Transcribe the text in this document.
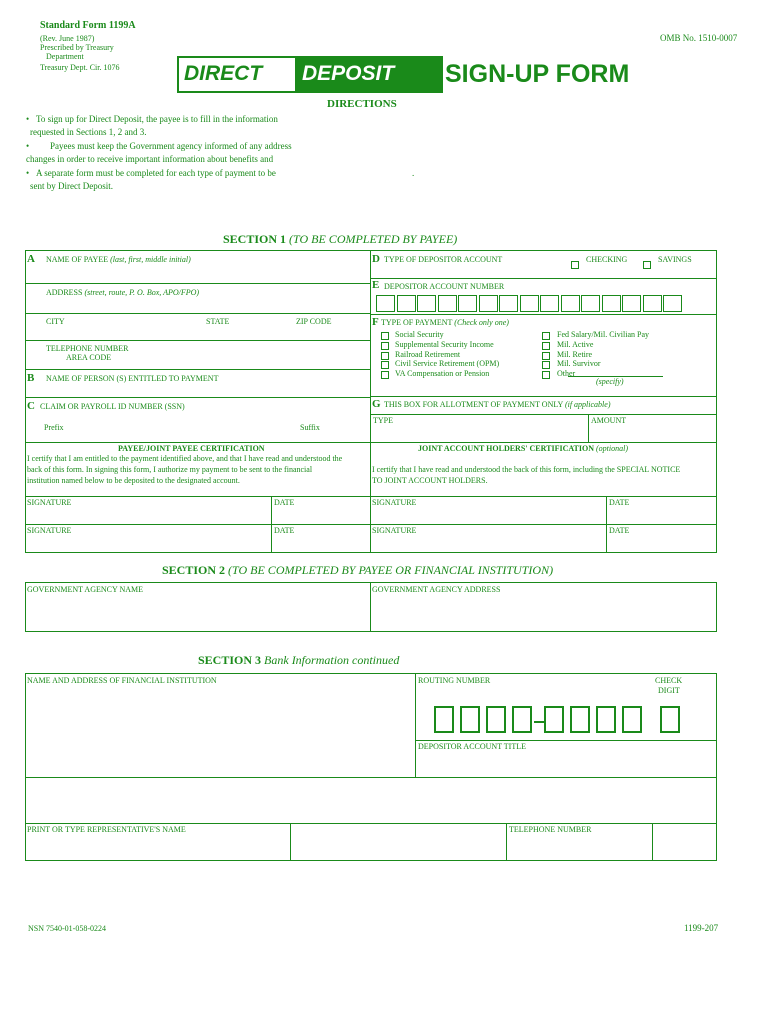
Standard Form 1199A
(Rev. June 1987)
Prescribed by Treasury
Department
Treasury Dept. Cir. 1076
OMB No. 1510-0007
DIRECT DEPOSIT SIGN-UP FORM
DIRECTIONS
• To sign up for Direct Deposit, the payee is to fill in the information
requested in Sections 1, 2 and 3.
• Payees must keep the Government agency informed of any address
changes in order to receive important information about benefits and
• A separate form must be completed for each type of payment to be
sent by Direct Deposit.
.
SECTION 1 (TO BE COMPLETED BY PAYEE)
A NAME OF PAYEE (last, first, middle initial)
ADDRESS (street, route, P. O. Box, APO/FPO)
CITY	STATE	ZIP CODE
TELEPHONE NUMBER
AREA CODE
B NAME OF PERSON (S) ENTITLED TO PAYMENT
C CLAIM OR PAYROLL ID NUMBER (SSN)
Prefix	Suffix
D TYPE OF DEPOSITOR ACCOUNT	CHECKING	SAVINGS
E DEPOSITOR ACCOUNT NUMBER
F TYPE OF PAYMENT (Check only one)
Social Security
Supplemental Security Income
Railroad Retirement
Civil Service Retirement (OPM)
VA Compensation or Pension
Fed Salary/Mil. Civilian Pay
Mil. Active
Mil. Retire
Mil. Survivor
Other
(specify)
G THIS BOX FOR ALLOTMENT OF PAYMENT ONLY (if applicable)
TYPE	AMOUNT
PAYEE/JOINT PAYEE CERTIFICATION
I certify that I am entitled to the payment identified above, and that I have read and understood the
back of this form. In signing this form, I authorize my payment to be sent to the financial
institution named below to be deposited to the designated account.
JOINT ACCOUNT HOLDERS' CERTIFICATION (optional)
I certify that I have read and understood the back of this form, including the SPECIAL NOTICE
TO JOINT ACCOUNT HOLDERS.
SIGNATURE	DATE	SIGNATURE	DATE
SIGNATURE	DATE	SIGNATURE	DATE
SECTION 2 (TO BE COMPLETED BY PAYEE OR FINANCIAL INSTITUTION)
GOVERNMENT AGENCY NAME	GOVERNMENT AGENCY ADDRESS
SECTION 3 Bank Information continued
NAME AND ADDRESS OF FINANCIAL INSTITUTION	ROUTING NUMBER	CHECK
DIGIT
DEPOSITOR ACCOUNT TITLE
PRINT OR TYPE REPRESENTATIVE'S NAME	TELEPHONE NUMBER
NSN 7540-01-058-0224	1199-207
